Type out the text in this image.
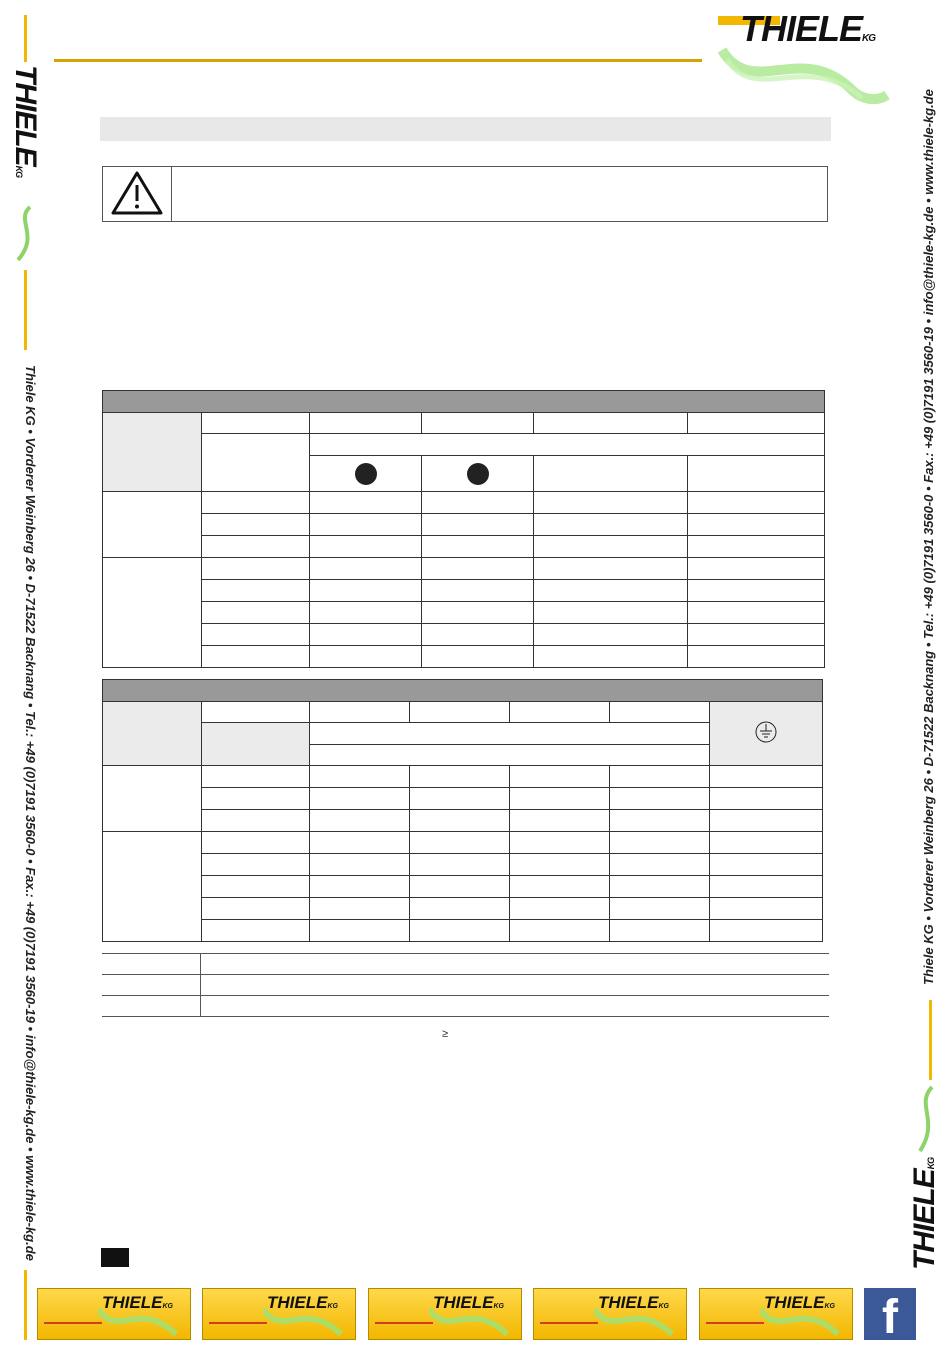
THIELEKG
Thiele KG • Vorderer Weinberg 26 • D-71522 Backnang • Tel.: +49 (0)7191 3560-0 • Fax.: +49 (0)7191 3560-19 • info@thiele-kg.de • www.thiele-kg.de	Thiele KG • Vorderer Weinberg 26 • D-71522 Backnang • Tel.: +49 (0)7191 3560-0 • Fax.: +49 (0)7191 3560-19 • info@thiele-kg.de • www.thiele-kg.de
THIELEKG
THIELEKG

≥
THIELEKG	THIELEKG	THIELEKG	THIELEKG	THIELEKG f
